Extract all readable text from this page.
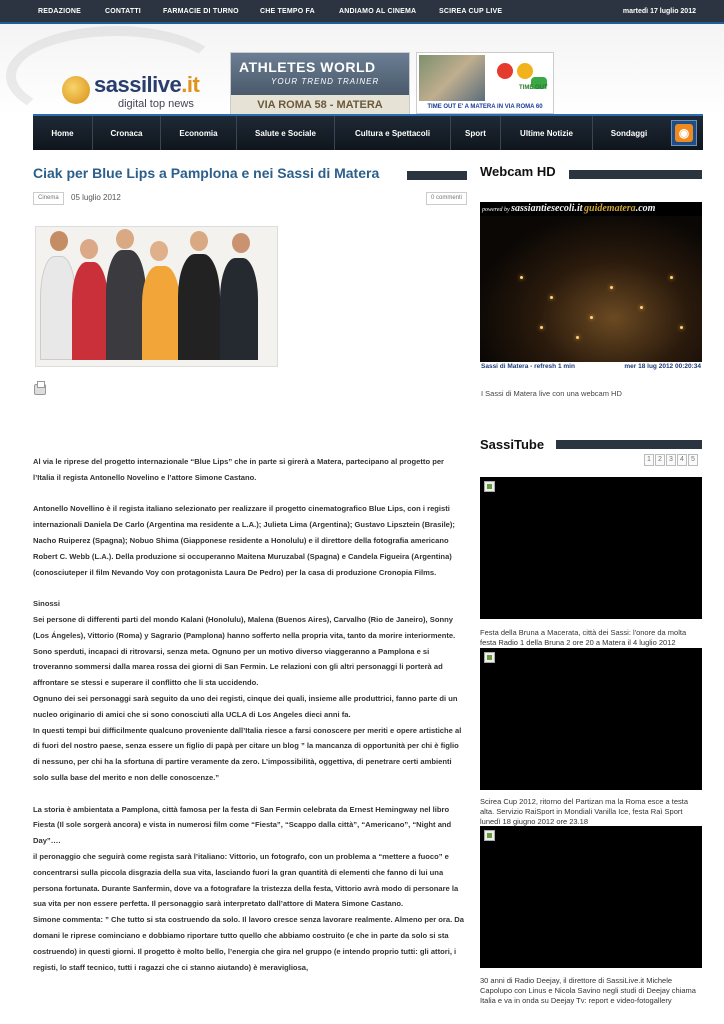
REDAZIONE	CONTATTI	FARMACIE DI TURNO	CHE TEMPO FA	ANDIAMO AL CINEMA	SCIREA CUP LIVE	martedì 17 luglio 2012
sassilive.it
digital top news
ATHLETES WORLD
YOUR TREND TRAINER
VIA ROMA 58 - MATERA
TIME OUT
TIME OUT E' A MATERA IN VIA ROMA 60
Home	Cronaca	Economia	Salute e Sociale	Cultura e Spettacoli	Sport	Ultime Notizie	Sondaggi	◉
Ciak per Blue Lips a Pamplona e nei Sassi di Matera
Cinema	05 luglio 2012	0 commenti

Al via le riprese del progetto internazionale “Blue Lips” che in parte si girerà a Matera, partecipano al progetto per l’Italia il regista Antonello Novelino e l’attore Simone Castano.

Antonello Novellino è il regista italiano selezionato per realizzare il progetto cinematografico Blue Lips, con i registi internazionali Daniela De Carlo (Argentina ma residente a L.A.); Julieta Lima (Argentina); Gustavo Lipsztein (Brasile); Nacho Ruiperez (Spagna); Nobuo Shima (Giapponese residente a Honolulu) e il direttore della fotografia americano Robert C. Webb (L.A.). Della produzione si occuperanno Maitena Muruzabal (Spagna) e Candela Figueira (Argentina) (conosciuteper il film Nevando Voy con protagonista Laura De Pedro) per la casa di produzione Cronopia Films.

Sinossi

Sei persone di differenti parti del mondo Kalani (Honolulu), Malena (Buenos Aires), Carvalho (Rio de Janeiro), Sonny (Los Ángeles), Vittorio (Roma) y Sagrario (Pamplona) hanno sofferto nella propria vita, tanto da morire interiormente. Sono sperduti, incapaci di ritrovarsi, senza meta. Ognuno per un motivo diverso viaggeranno a Pamplona e si troveranno sommersi dalla marea rossa dei giorni di San Fermin. Le relazioni con gli altri personaggi li porterà ad affrontare se stessi e superare il conflitto che li sta uccidendo.

Ognuno dei sei personaggi sarà seguito da uno dei registi, cinque dei quali, insieme alle produttrici, fanno parte di un nucleo originario di amici che si sono conosciuti alla UCLA di Los Angeles dieci anni fa.

In questi tempi bui difficilmente qualcuno proveniente dall’Italia riesce a farsi conoscere per meriti e opere artistiche al di fuori del nostro paese, senza essere un figlio di papà per citare un blog ” la mancanza di opportunità per chi è figlio di nessuno, per chi ha la sfortuna di partire veramente da zero. L’impossibilità, oggettiva, di penetrare certi ambienti solo sulla base del merito e non delle conoscenze.”

La storia è ambientata a Pamplona, città famosa per la festa di San Fermin celebrata da Ernest Hemingway nel libro Fiesta (Il sole sorgerà ancora) e vista in numerosi film come “Fiesta”, “Scappo dalla città”, “Americano”, “Night and Day”….

il peronaggio che seguirà come regista sarà l’italiano: Vittorio, un fotografo, con un problema a “mettere a fuoco” e concentrarsi sulla piccola disgrazia della sua vita, lasciando fuori la gran quantità di elementi che fanno di lui una persona fortunata. Durante Sanfermin, dove va a fotografare la tristezza della festa, Vittorio avrà modo di personare la sua vita per non essere perfetta. Il personaggio sarà interpretato dall’attore di Matera Simone Castano.

Simone commenta: ” Che tutto si sta costruendo da solo. Il lavoro cresce senza lavorare realmente. Almeno per ora. Da domani le riprese cominciano e dobbiamo riportare tutto quello che abbiamo costruito (e che in parte da solo si sta costruendo) in questi giorni. Il progetto è molto bello, l’energia che gira nel gruppo (e intendo proprio tutti: gli attori, i registi, lo staff tecnico, tutti i ragazzi che ci stanno aiutando) è meravigliosa,

Webcam HD
powered by sassiantiesecoli.it guidematera.com
Sassi di Matera - refresh 1 min	mer 18 lug 2012 00:20:34
I Sassi di Matera live con una webcam HD
SassiTube
1	2	3	4	5
Festa della Bruna a Macerata, città dei Sassi: l'onore da molta festa Radio 1 della Bruna 2 ore 20 a Matera il 4 luglio 2012
Scirea Cup 2012, ritorno del Partizan ma la Roma esce a testa alta. Servizio RaiSport in Mondiali Vanilla Ice, festa Raì Sport lunedì 18 giugno 2012 ore 23.18
30 anni di Radio Deejay, il direttore di SassiLive.it Michele Capolupo con Linus e Nicola Savino negli studi di Deejay chiama Italia e va in onda su Deejay Tv: report e video-fotogallery
